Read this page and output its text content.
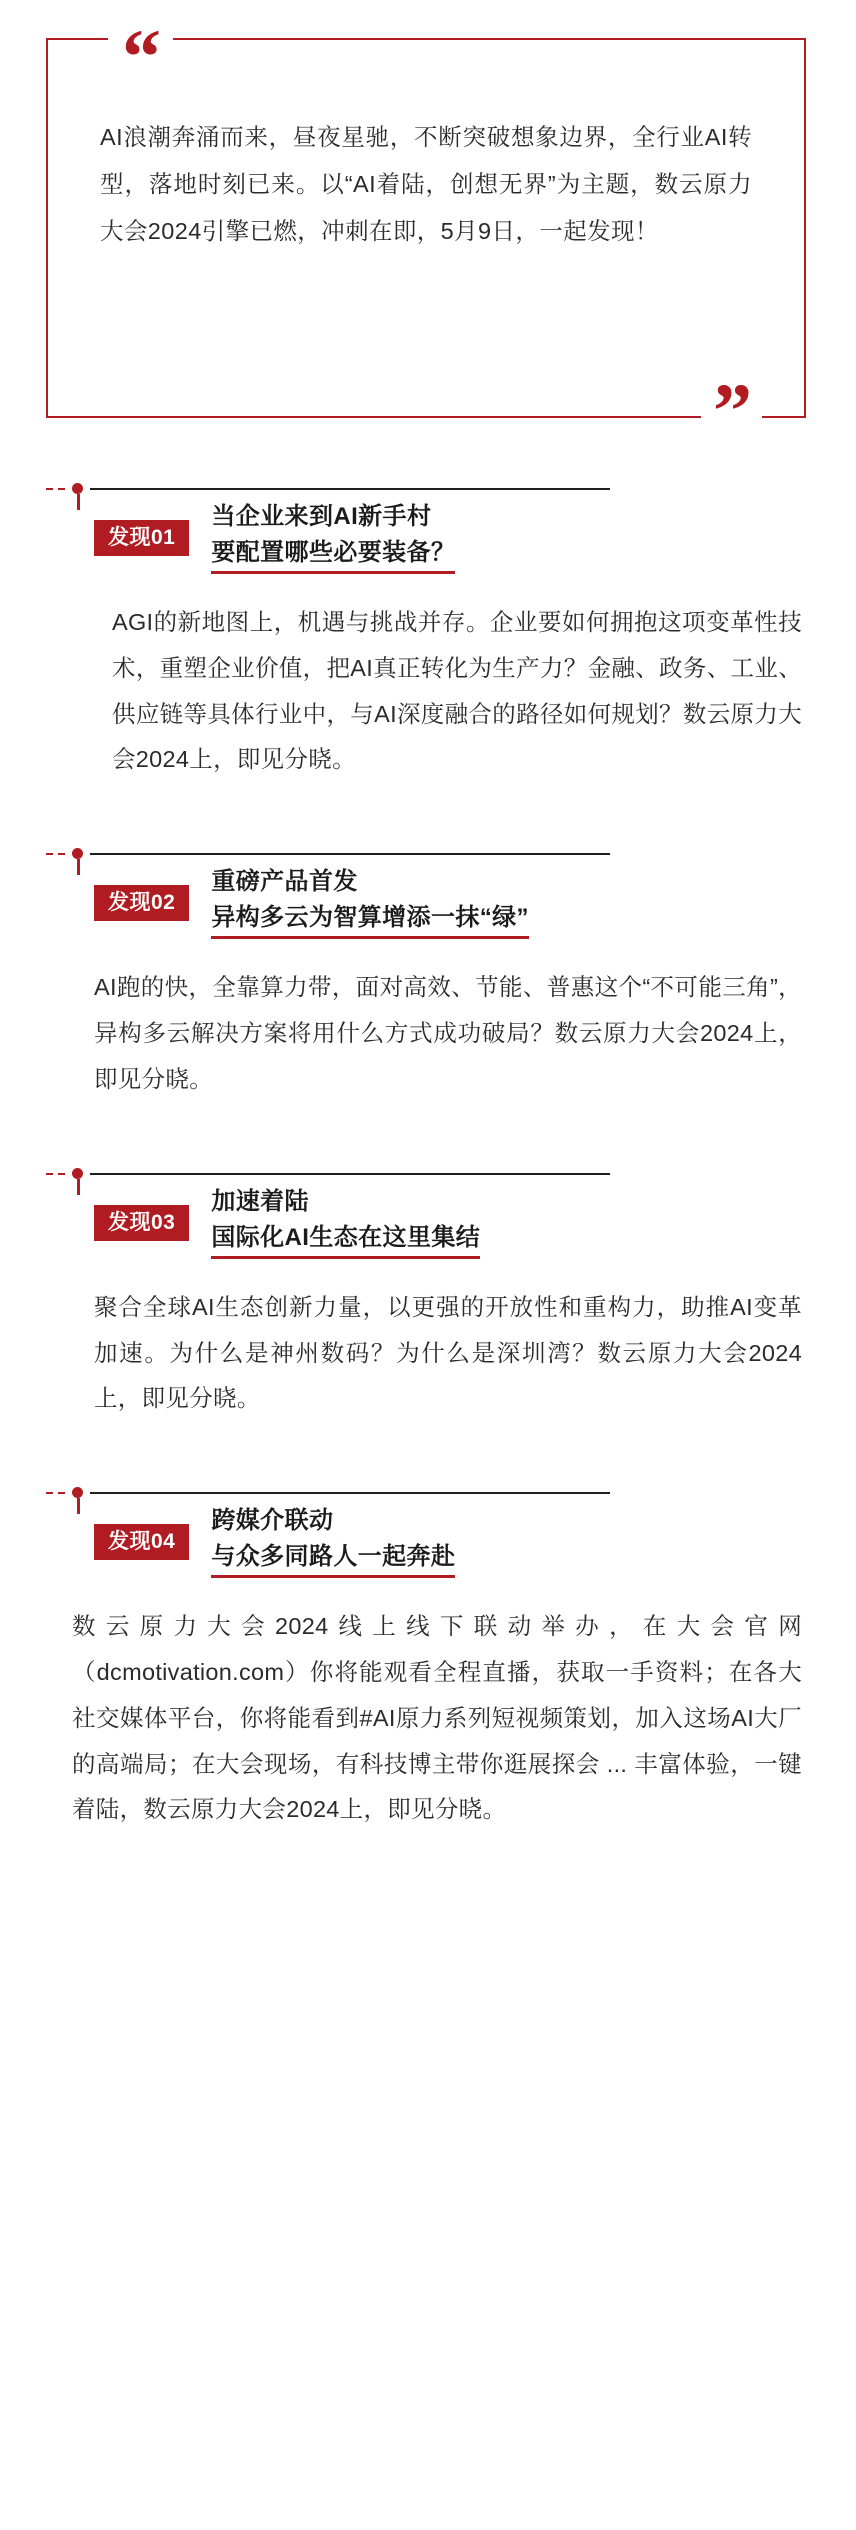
“
AI浪潮奔涌而来，昼夜星驰，不断突破想象边界，全行业AI转型，落地时刻已来。以“AI着陆，创想无界”为主题，数云原力大会2024引擎已燃，冲刺在即，5月9日，一起发现！
”
发现01
当企业来到AI新手村
要配置哪些必要装备？
AGI的新地图上，机遇与挑战并存。企业要如何拥抱这项变革性技术，重塑企业价值，把AI真正转化为生产力？金融、政务、工业、供应链等具体行业中，与AI深度融合的路径如何规划？数云原力大会2024上，即见分晓。
发现02
重磅产品首发
异构多云为智算增添一抹“绿”
AI跑的快，全靠算力带，面对高效、节能、普惠这个“不可能三角”，异构多云解决方案将用什么方式成功破局？数云原力大会2024上，即见分晓。
发现03
加速着陆
国际化AI生态在这里集结
聚合全球AI生态创新力量，以更强的开放性和重构力，助推AI变革加速。为什么是神州数码？为什么是深圳湾？数云原力大会2024上，即见分晓。
发现04
跨媒介联动
与众多同路人一起奔赴
数云原力大会2024线上线下联动举办，在大会官网（dcmotivation.com）你将能观看全程直播，获取一手资料；在各大社交媒体平台，你将能看到#AI原力系列短视频策划，加入这场AI大厂的高端局；在大会现场，有科技博主带你逛展探会 ... 丰富体验，一键着陆，数云原力大会2024上，即见分晓。
